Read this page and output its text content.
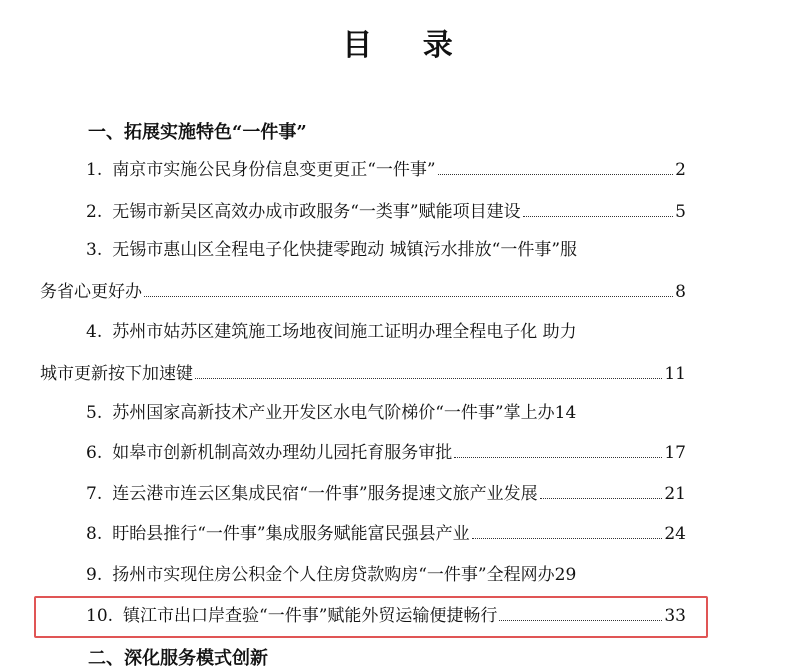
目 录
一、拓展实施特色“一件事”
1. 南京市实施公民身份信息变更更正“一件事”	2
2. 无锡市新吴区高效办成市政服务“一类事”赋能项目建设	5
3. 无锡市惠山区全程电子化快捷零跑动 城镇污水排放“一件事”服
务省心更好办	8
4. 苏州市姑苏区建筑施工场地夜间施工证明办理全程电子化 助力
城市更新按下加速键	11
5. 苏州国家高新技术产业开发区水电气阶梯价“一件事”掌上办 14
6. 如皋市创新机制高效办理幼儿园托育服务审批	17
7. 连云港市连云区集成民宿“一件事”服务提速文旅产业发展	21
8. 盱眙县推行“一件事”集成服务赋能富民强县产业	24
9. 扬州市实现住房公积金个人住房贷款购房“一件事”全程网办 29
10. 镇江市出口岸查验“一件事”赋能外贸运输便捷畅行	33
二、深化服务模式创新
